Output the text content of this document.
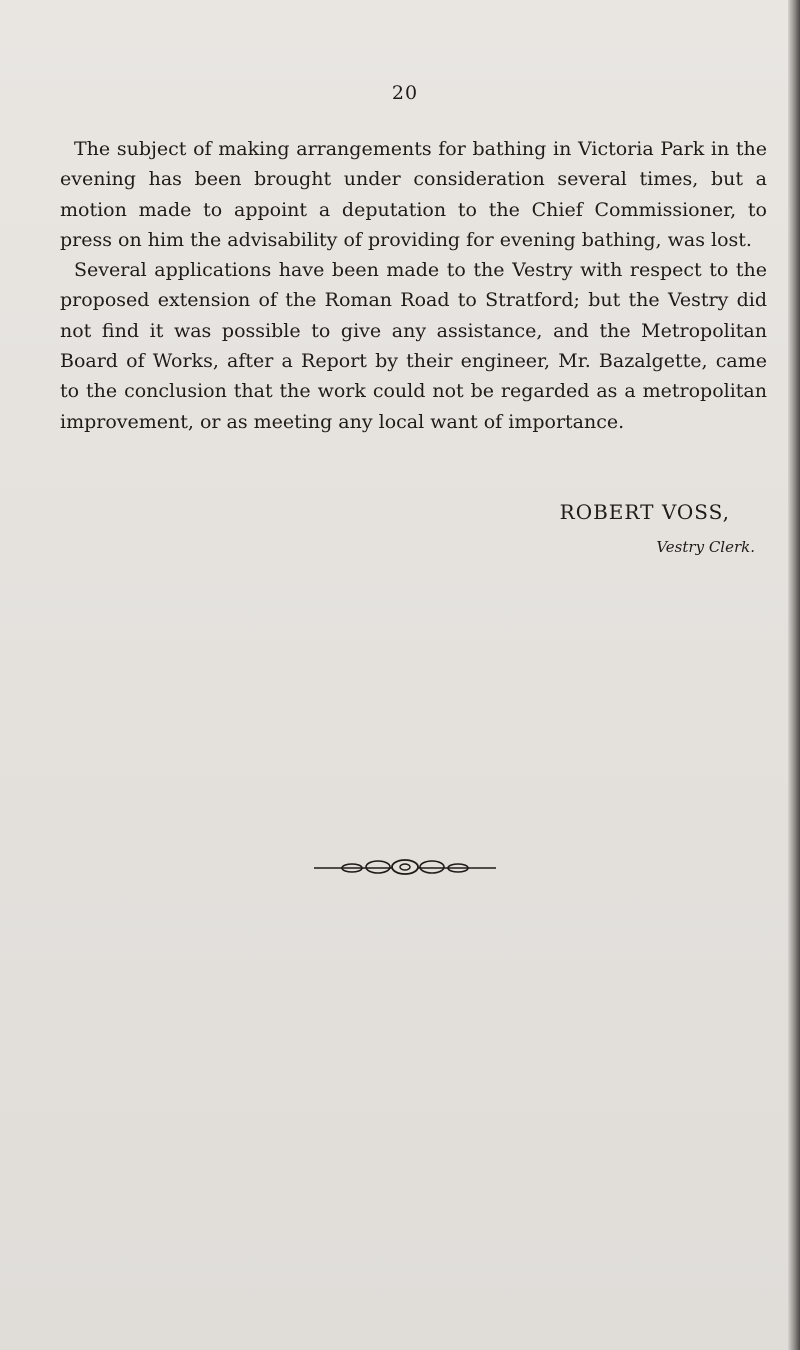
20

The subject of making arrangements for bathing in Victoria Park in the evening has been brought under consideration several times, but a motion made to appoint a deputation to the Chief Commissioner, to press on him the advisability of providing for evening bathing, was lost.

Several applications have been made to the Vestry with respect to the proposed extension of the Roman Road to Stratford; but the Vestry did not find it was possible to give any assistance, and the Metropolitan Board of Works, after a Report by their engineer, Mr. Bazalgette, came to the conclusion that the work could not be regarded as a metropolitan improvement, or as meeting any local want of importance.

ROBERT VOSS,
Vestry Clerk.
